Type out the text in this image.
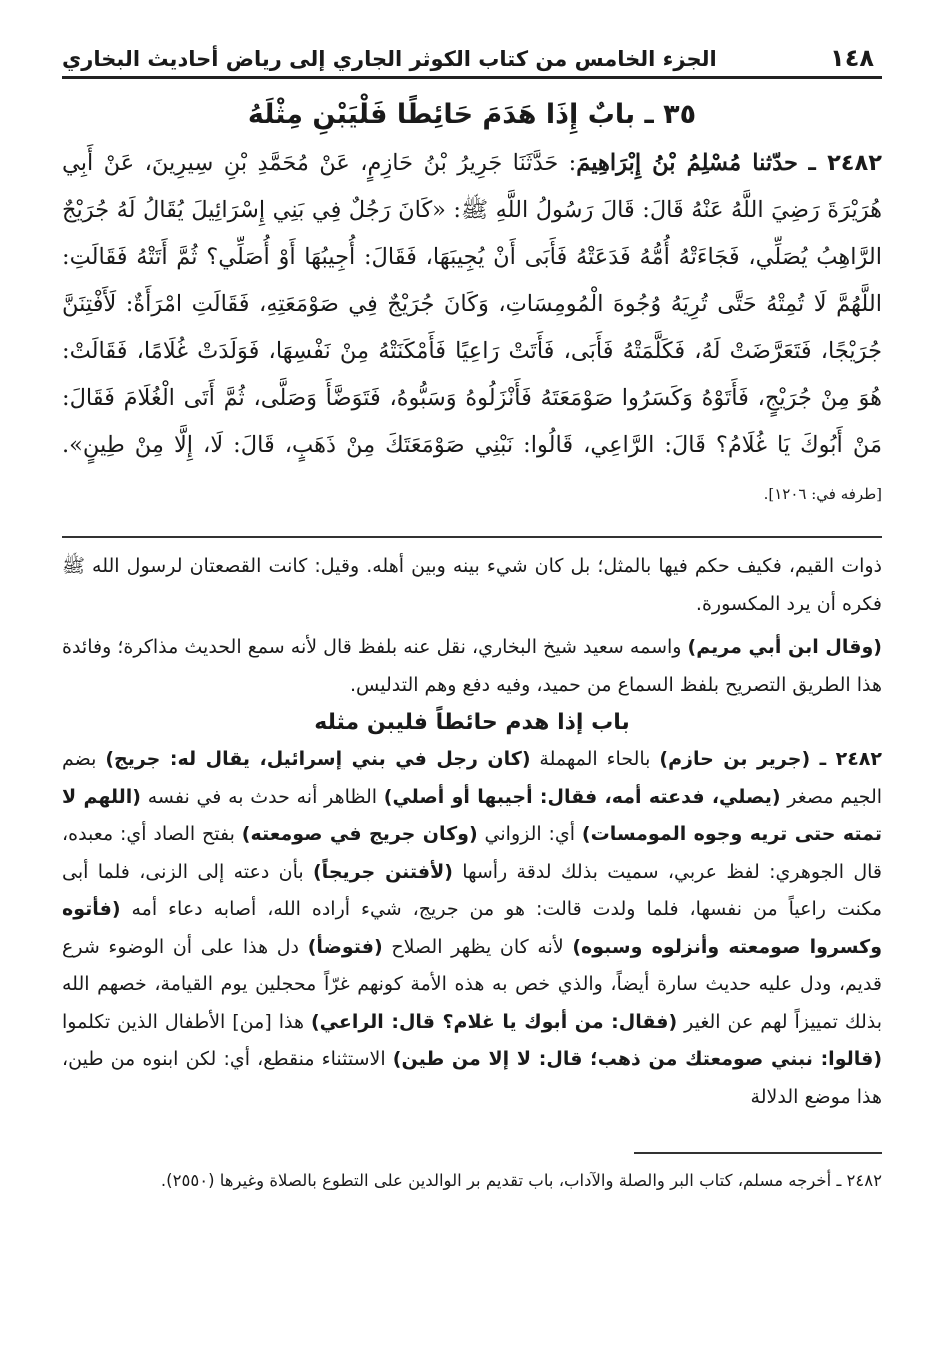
١٤٨
الجزء الخامس من كتاب الكوثر الجاري إلى رياض أحاديث البخاري
٣٥ ـ بابٌ إِذَا هَدَمَ حَائِطًا فَلْيَبْنِ مِثْلَهُ

٢٤٨٢ ـ حدّثنا مُسْلِمُ بْنُ إِبْرَاهِيمَ: حَدَّثَنَا جَرِيرُ بْنُ حَازِمٍ، عَنْ مُحَمَّدِ بْنِ سِيرِينَ، عَنْ أَبِي هُرَيْرَةَ رَضِيَ اللَّهُ عَنْهُ قَالَ: قَالَ رَسُولُ اللَّهِ ﷺ: «كَانَ رَجُلٌ فِي بَنِي إِسْرَائِيلَ يُقَالُ لَهُ جُرَيْجٌ الرَّاهِبُ يُصَلِّي، فَجَاءَتْهُ أُمُّهُ فَدَعَتْهُ فَأَبَى أَنْ يُجِيبَهَا، فَقَالَ: أُجِيبُهَا أَوْ أُصَلِّي؟ ثُمَّ أَتَتْهُ فَقَالَتِ: اللَّهُمَّ لَا تُمِتْهُ حَتَّى تُرِيَهُ وُجُوهَ الْمُومِسَاتِ، وَكَانَ جُرَيْجٌ فِي صَوْمَعَتِهِ، فَقَالَتِ امْرَأَةٌ: لَأَفْتِنَنَّ جُرَيْجًا، فَتَعَرَّضَتْ لَهُ، فَكَلَّمَتْهُ فَأَبَى، فَأَتَتْ رَاعِيًا فَأَمْكَنَتْهُ مِنْ نَفْسِهَا، فَوَلَدَتْ غُلَامًا، فَقَالَتْ: هُوَ مِنْ جُرَيْجٍ، فَأَتَوْهُ وَكَسَرُوا صَوْمَعَتَهُ فَأَنْزَلُوهُ وَسَبُّوهُ، فَتَوَضَّأَ وَصَلَّى، ثُمَّ أَتَى الْغُلَامَ فَقَالَ: مَنْ أَبُوكَ يَا غُلَامُ؟ قَالَ: الرَّاعِي، قَالُوا: نَبْنِي صَوْمَعَتَكَ مِنْ ذَهَبٍ، قَالَ: لَا، إِلَّا مِنْ طِينٍ». [طرفه في: ١٢٠٦].

ذوات القيم، فكيف حكم فيها بالمثل؛ بل كان شيء بينه وبين أهله. وقيل: كانت القصعتان لرسول الله ﷺ فكره أن يرد المكسورة.

(وقال ابن أبي مريم) واسمه سعيد شيخ البخاري، نقل عنه بلفظ قال لأنه سمع الحديث مذاكرة؛ وفائدة هذا الطريق التصريح بلفظ السماع من حميد، وفيه دفع وهم التدليس.

باب إذا هدم حائطاً فليبن مثله

٢٤٨٢ ـ (جرير بن حازم) بالحاء المهملة (كان رجل في بني إسرائيل، يقال له: جريج) بضم الجيم مصغر (يصلي، فدعته أمه، فقال: أجيبها أو أصلي) الظاهر أنه حدث به في نفسه (اللهم لا تمته حتى تريه وجوه المومسات) أي: الزواني (وكان جريج في صومعته) بفتح الصاد أي: معبده، قال الجوهري: لفظ عربي، سميت بذلك لدقة رأسها (لأفتنن جريجاً) بأن دعته إلى الزنى، فلما أبى مكنت راعياً من نفسها، فلما ولدت قالت: هو من جريج، شيء أراده الله، أصابه دعاء أمه (فأتوه وكسروا صومعته وأنزلوه وسبوه) لأنه كان يظهر الصلاح (فتوضأ) دل هذا على أن الوضوء شرع قديم، ودل عليه حديث سارة أيضاً، والذي خص به هذه الأمة كونهم غرّاً محجلين يوم القيامة، خصهم الله بذلك تمييزاً لهم عن الغير (فقال: من أبوك يا غلام؟ قال: الراعي) هذا [من] الأطفال الذين تكلموا (قالوا: نبني صومعتك من ذهب؛ قال: لا إلا من طين) الاستثناء منقطع، أي: لكن ابنوه من طين، هذا موضع الدلالة

٢٤٨٢ ـ أخرجه مسلم، كتاب البر والصلة والآداب، باب تقديم بر الوالدين على التطوع بالصلاة وغيرها (٢٥٥٠).
